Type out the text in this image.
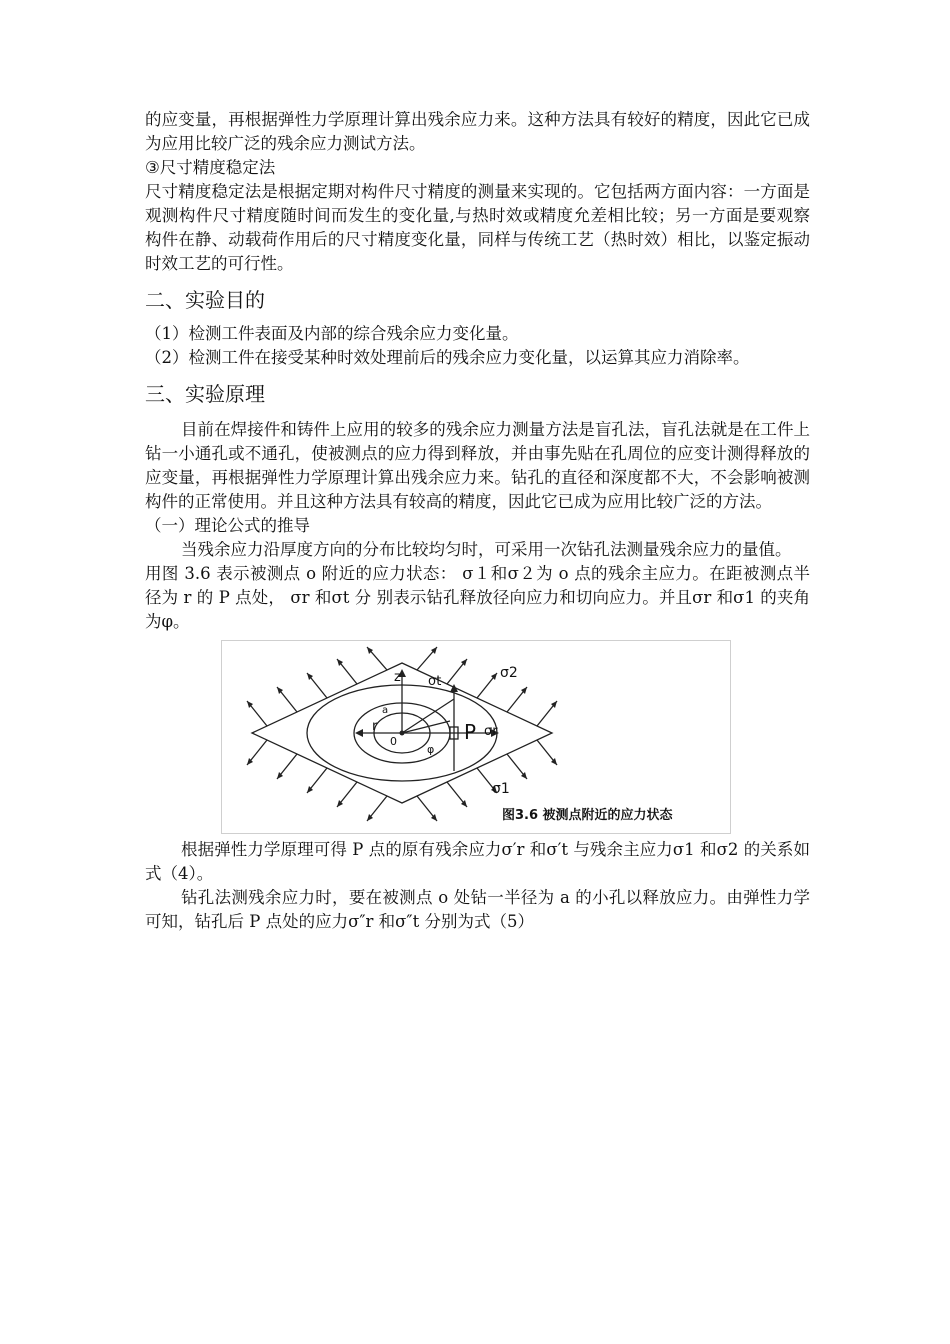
的应变量，再根据弹性力学原理计算出残余应力来。这种方法具有较好的精度，因此它已成为应用比较广泛的残余应力测试方法。

③尺寸精度稳定法

尺寸精度稳定法是根据定期对构件尺寸精度的测量来实现的。它包括两方面内容：一方面是观测构件尺寸精度随时间而发生的变化量,与热时效或精度允差相比较；另一方面是要观察构件在静、动载荷作用后的尺寸精度变化量，同样与传统工艺（热时效）相比，以鉴定振动时效工艺的可行性。

二、实验目的

（1）检测工件表面及内部的综合残余应力变化量。

（2）检测工件在接受某种时效处理前后的残余应力变化量，以运算其应力消除率。

三、实验原理

目前在焊接件和铸件上应用的较多的残余应力测量方法是盲孔法，盲孔法就是在工件上钻一小通孔或不通孔，使被测点的应力得到释放，并由事先贴在孔周位的应变计测得释放的应变量，再根据弹性力学原理计算出残余应力来。钻孔的直径和深度都不大，不会影响被测构件的正常使用。并且这种方法具有较高的精度，因此它已成为应用比较广泛的方法。

（一）理论公式的推导

当残余应力沿厚度方向的分布比较均匀时，可采用一次钻孔法测量残余应力的量值。

用图 3.6 表示被测点 o 附近的应力状态： σ１和σ２为 o 点的残余主应力。在距被测点半径为 r 的 P 点处， σr 和σt 分 别表示钻孔释放径向应力和切向应力。并且σr 和σ1 的夹角为φ。

z
r
a
0
φ
σt
P σr
σ2
σ1
图3.6 被测点附近的应力状态

根据弹性力学原理可得 P 点的原有残余应力σ′r 和σ′t 与残余主应力σ1 和σ2 的关系如式（4）。

钻孔法测残余应力时，要在被测点 o 处钻一半径为 a 的小孔以释放应力。由弹性力学可知，钻孔后 P 点处的应力σ″r 和σ″t 分别为式（5）
